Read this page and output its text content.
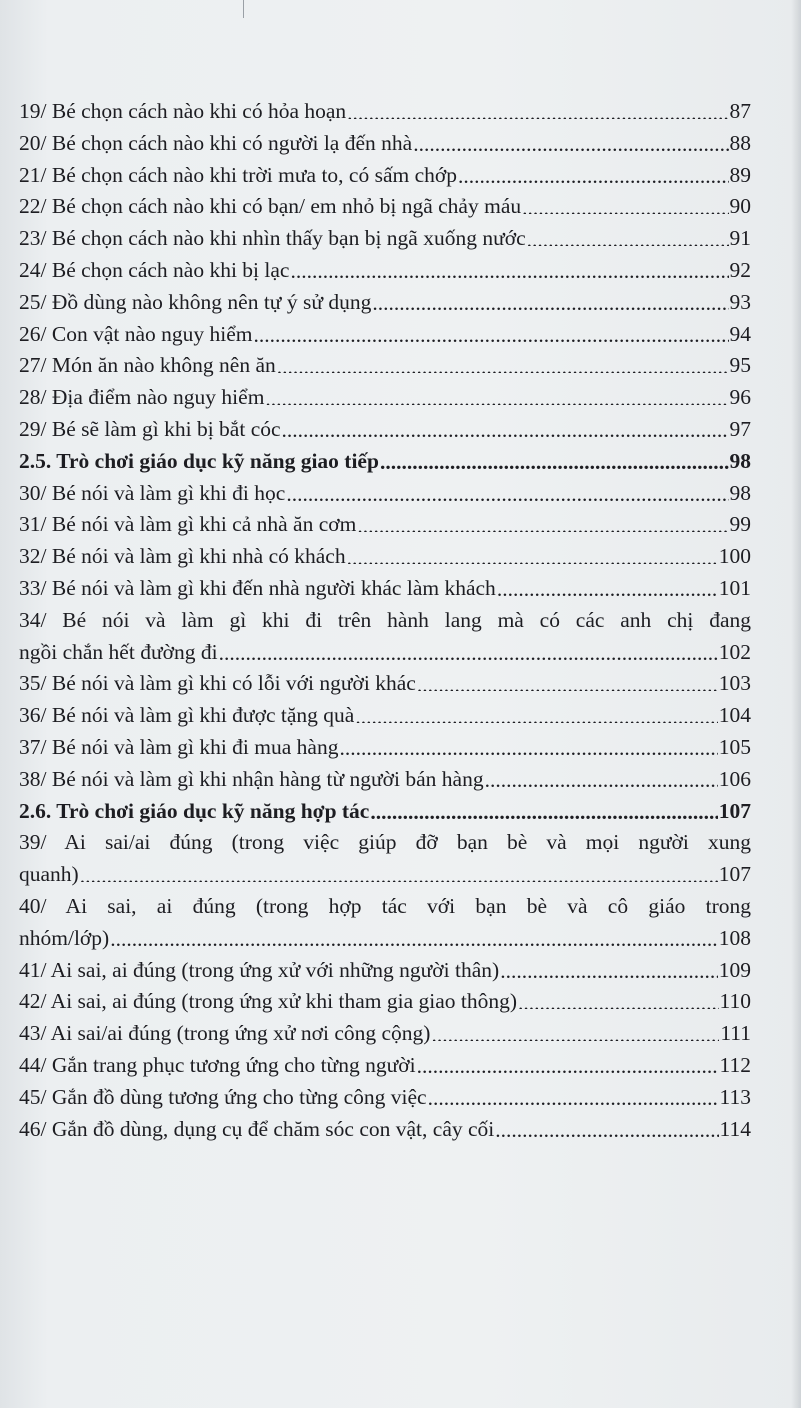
19/ Bé chọn cách nào khi có hỏa hoạn .....	87
20/ Bé chọn cách nào khi có người lạ đến nhà .....	88
21/ Bé chọn cách nào khi trời mưa to, có sấm chớp .....	89
22/ Bé chọn cách nào khi có bạn/ em nhỏ bị ngã chảy máu .....	90
23/ Bé chọn cách nào khi nhìn thấy bạn bị ngã xuống nước .....	91
24/ Bé chọn cách nào khi bị lạc .....	92
25/ Đồ dùng nào không nên tự ý sử dụng .....	93
26/ Con vật nào nguy hiểm .....	94
27/ Món ăn nào không nên ăn .....	95
28/ Địa điểm nào nguy hiểm .....	96
29/ Bé sẽ làm gì khi bị bắt cóc .....	97
2.5. Trò chơi giáo dục kỹ năng giao tiếp .....	98
30/ Bé nói và làm gì khi đi học .....	98
31/ Bé nói và làm gì khi cả nhà ăn cơm .....	99
32/ Bé nói và làm gì khi nhà có khách .....	100
33/ Bé nói và làm gì khi đến nhà người khác làm khách .....	101
34/ Bé nói và làm gì khi đi trên hành lang mà có các anh chị đang
ngồi chắn hết đường đi .....	102
35/ Bé nói và làm gì khi có lỗi với người khác .....	103
36/ Bé nói và làm gì khi được tặng quà .....	104
37/ Bé nói và làm gì khi đi mua hàng .....	105
38/ Bé nói và làm gì khi nhận hàng từ người bán hàng .....	106
2.6. Trò chơi giáo dục kỹ năng hợp tác .....	107
39/ Ai sai/ai đúng (trong việc giúp đỡ bạn bè và mọi người xung
quanh) .....	107
40/ Ai sai, ai đúng (trong hợp tác với bạn bè và cô giáo trong
nhóm/lớp) .....	108
41/ Ai sai, ai đúng (trong ứng xử với những người thân) .....	109
42/ Ai sai, ai đúng (trong ứng xử khi tham gia giao thông) .....	110
43/ Ai sai/ai đúng (trong ứng xử nơi công cộng) .....	111
44/ Gắn trang phục tương ứng cho từng người .....	112
45/ Gắn đồ dùng tương ứng cho từng công việc .....	113
46/ Gắn đồ dùng, dụng cụ để chăm sóc con vật, cây cối .....	114
